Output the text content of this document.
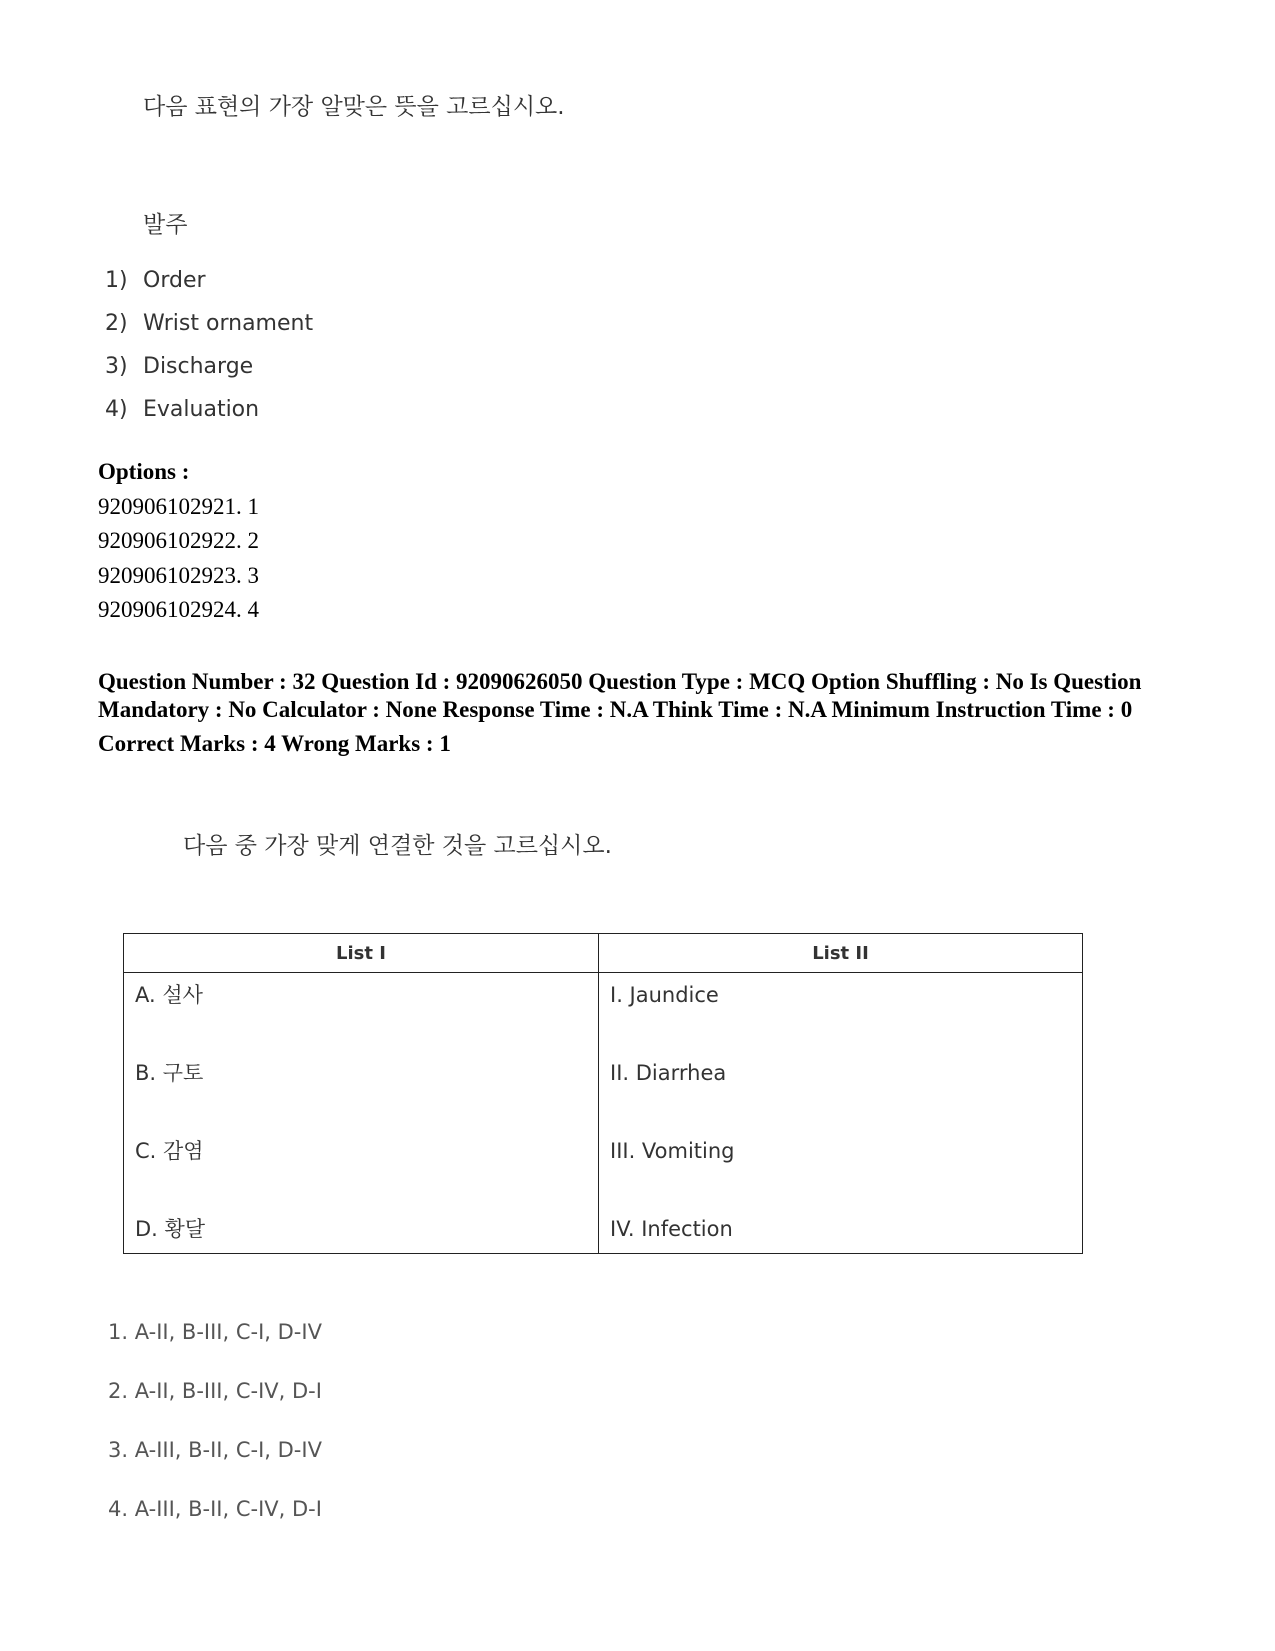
다음 표현의 가장 알맞은 뜻을 고르십시오.
발주
1) Order
2) Wrist ornament
3) Discharge
4) Evaluation
Options :
920906102921. 1
920906102922. 2
920906102923. 3
920906102924. 4
Question Number : 32 Question Id : 92090626050 Question Type : MCQ Option Shuffling : No Is Question Mandatory : No Calculator : None Response Time : N.A Think Time : N.A Minimum Instruction Time : 0
Correct Marks : 4 Wrong Marks : 1
다음 중 가장 맞게 연결한 것을 고르십시오.
List I	List II
A. 설사	I. Jaundice
B. 구토	II. Diarrhea
C. 감염	III. Vomiting
D. 황달	IV. Infection
1. A-II, B-III, C-I, D-IV
2. A-II, B-III, C-IV, D-I
3. A-III, B-II, C-I, D-IV
4. A-III, B-II, C-IV, D-I
